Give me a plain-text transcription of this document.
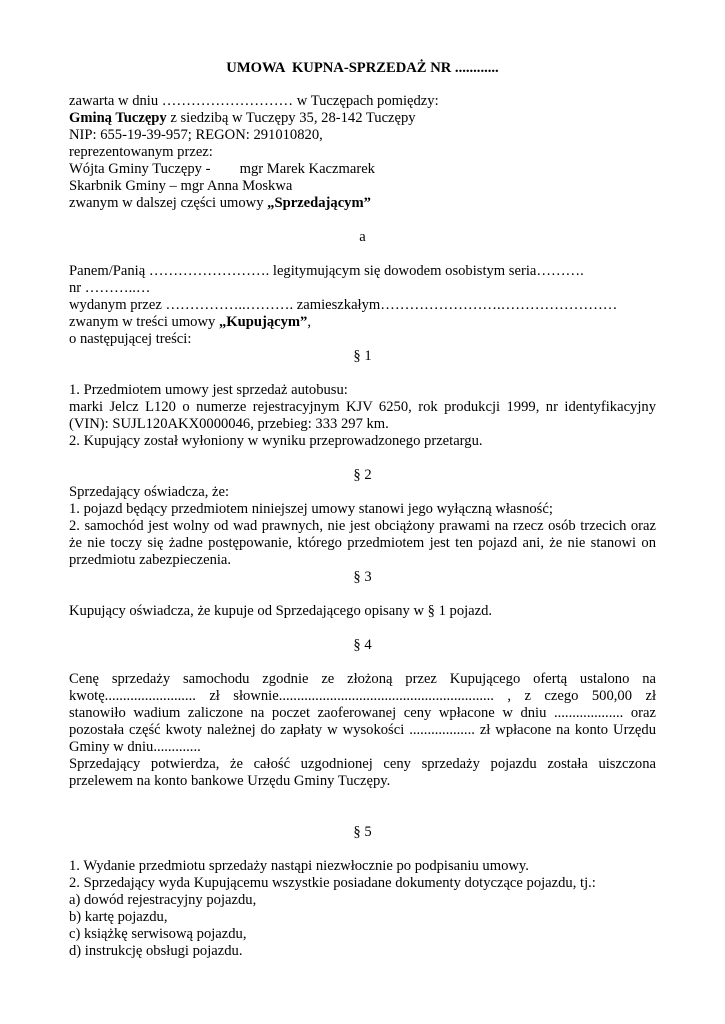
UMOWA  KUPNA-SPRZEDAŻ NR ............
zawarta w dniu ……………………… w Tuczępach pomiędzy:
Gminą Tuczępy z siedzibą w Tuczępy 35, 28-142 Tuczępy
NIP: 655-19-39-957; REGON: 291010820,
reprezentowanym przez:
Wójta Gminy Tuczępy -        mgr Marek Kaczmarek
Skarbnik Gminy – mgr Anna Moskwa
zwanym w dalszej części umowy „Sprzedającym”
a
Panem/Panią ……………………. legitymującym się dowodem osobistym seria……….
nr ………..…
wydanym przez ……………..………. zamieszkałym…………………….……………………
zwanym w treści umowy „Kupującym”,
o następującej treści:
§ 1
1. Przedmiotem umowy jest sprzedaż autobusu:
marki Jelcz L120 o numerze rejestracyjnym KJV 6250, rok produkcji 1999, nr identyfikacyjny
(VIN): SUJL120AKX0000046, przebieg: 333 297 km.
2. Kupujący został wyłoniony w wyniku przeprowadzonego przetargu.
§ 2
Sprzedający oświadcza, że:
1. pojazd będący przedmiotem niniejszej umowy stanowi jego wyłączną własność;
2. samochód jest wolny od wad prawnych, nie jest obciążony prawami na rzecz osób trzecich oraz
że nie toczy się żadne postępowanie, którego przedmiotem jest ten pojazd ani, że nie stanowi on
przedmiotu zabezpieczenia.
§ 3
Kupujący oświadcza, że kupuje od Sprzedającego opisany w § 1 pojazd.
§ 4
Cenę sprzedaży samochodu zgodnie ze złożoną przez Kupującego ofertą ustalono na
kwotę......................... zł słownie........................................................... , z czego 500,00 zł
stanowiło wadium zaliczone na poczet zaoferowanej ceny wpłacone w dniu ................... oraz
pozostała część kwoty należnej do zapłaty w wysokości .................. zł wpłacone na konto Urzędu
Gminy w dniu.............
Sprzedający potwierdza, że całość uzgodnionej ceny sprzedaży pojazdu została uiszczona
przelewem na konto bankowe Urzędu Gminy Tuczępy.
§ 5
1. Wydanie przedmiotu sprzedaży nastąpi niezwłocznie po podpisaniu umowy.
2. Sprzedający wyda Kupującemu wszystkie posiadane dokumenty dotyczące pojazdu, tj.:
a) dowód rejestracyjny pojazdu,
b) kartę pojazdu,
c) książkę serwisową pojazdu,
d) instrukcję obsługi pojazdu.
